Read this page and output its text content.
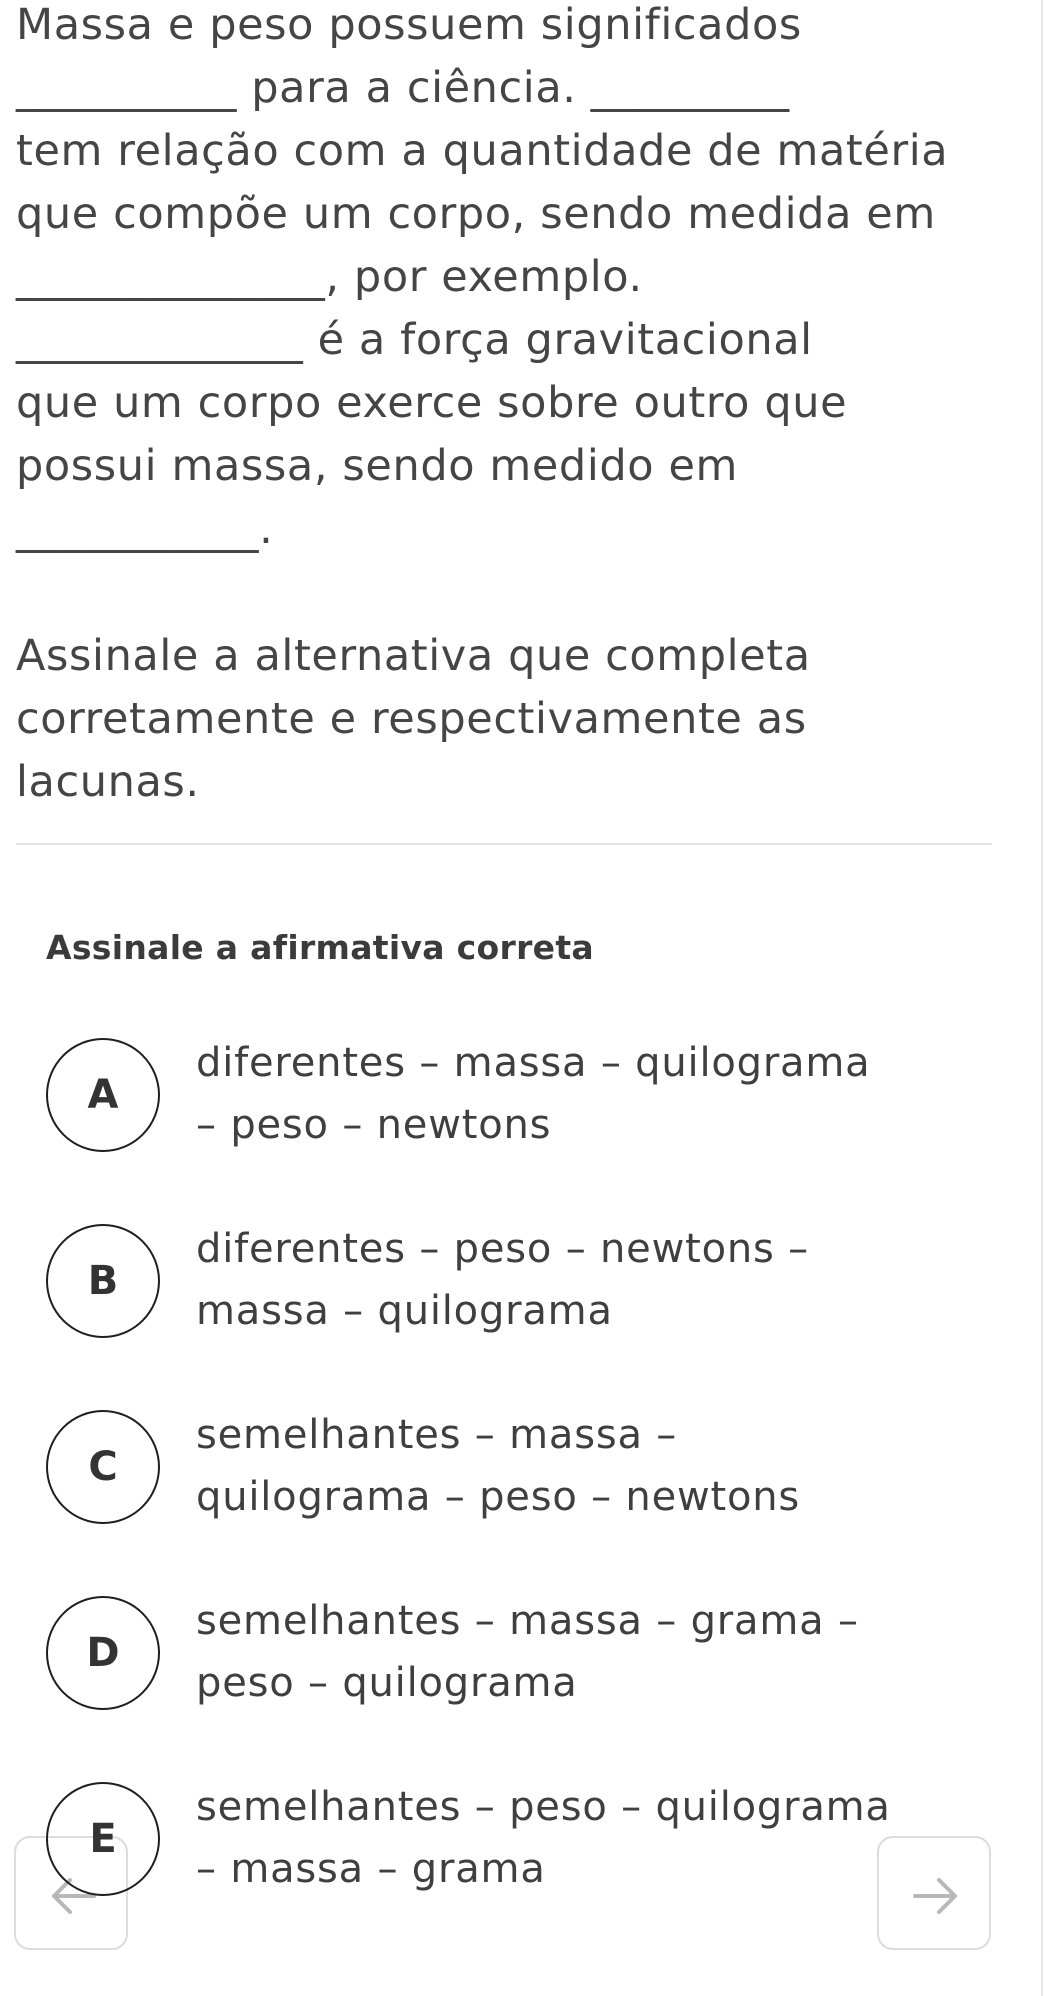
Massa e peso possuem significados
__________ para a ciência. _________
tem relação com a quantidade de matéria
que compõe um corpo, sendo medida em
______________, por exemplo.
_____________ é a força gravitacional
que um corpo exerce sobre outro que
possui massa, sendo medido em
___________.
Assinale a alternativa que completa
corretamente e respectivamente as
lacunas.
Assinale a afirmativa correta
A
diferentes – massa – quilograma
– peso – newtons
B
diferentes – peso – newtons –
massa – quilograma
C
semelhantes – massa –
quilograma – peso – newtons
D
semelhantes – massa – grama –
peso – quilograma
E
semelhantes – peso – quilograma
– massa – grama
